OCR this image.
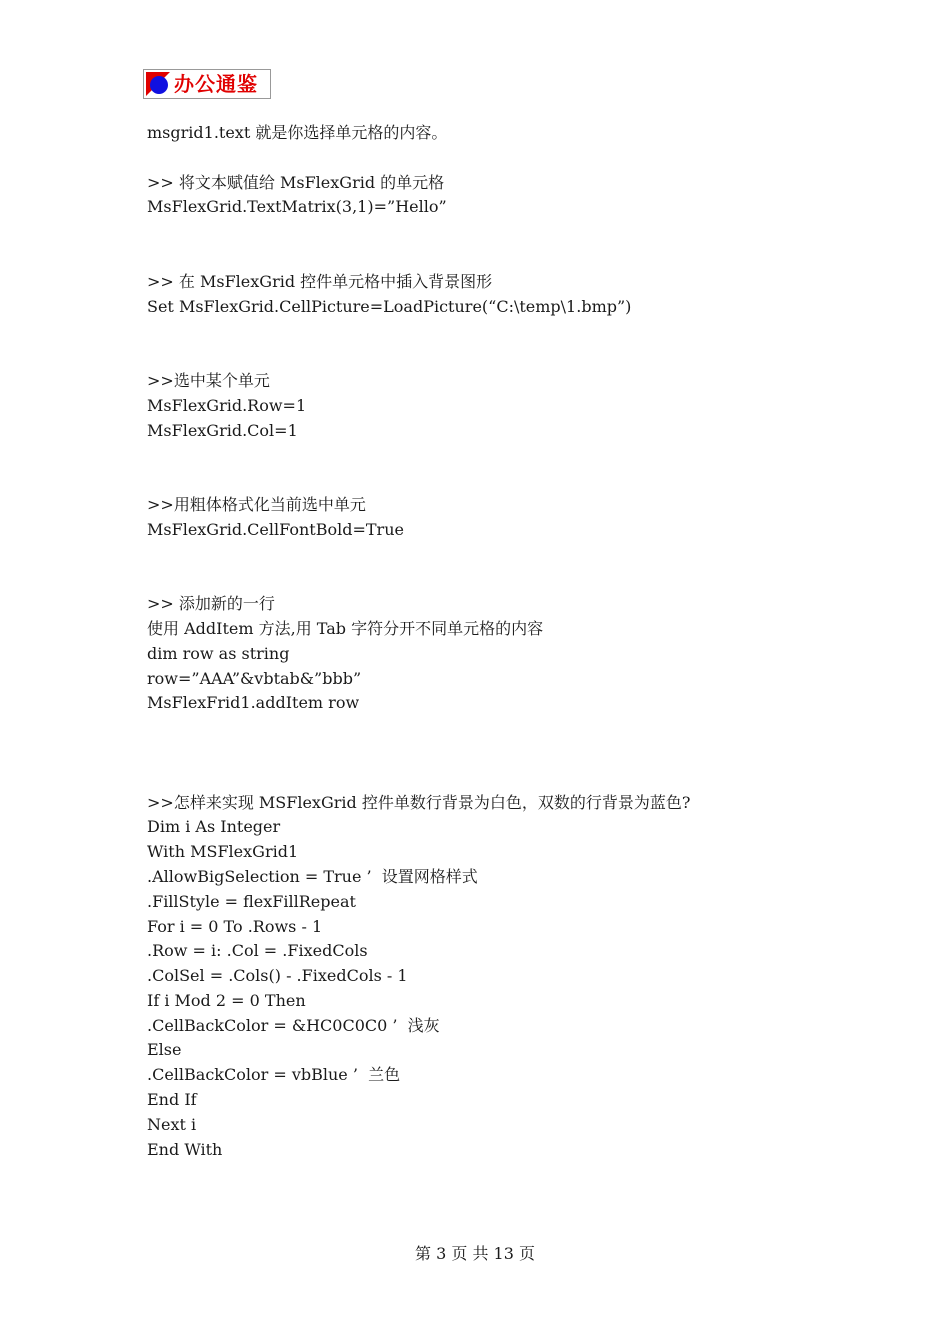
办公通鉴
msgrid1.text 就是你选择单元格的内容。
>> 将文本赋值给 MsFlexGrid 的单元格
MsFlexGrid.TextMatrix(3,1)=”Hello”
>> 在 MsFlexGrid 控件单元格中插入背景图形
Set MsFlexGrid.CellPicture=LoadPicture(“C:\temp\1.bmp”)
>>选中某个单元
MsFlexGrid.Row=1
MsFlexGrid.Col=1
>>用粗体格式化当前选中单元
MsFlexGrid.CellFontBold=True
>> 添加新的一行
使用 AddItem 方法,用 Tab 字符分开不同单元格的内容
dim row as string
row=”AAA”&vbtab&”bbb”
MsFlexFrid1.addItem row
>>怎样来实现 MSFlexGrid 控件单数行背景为白色，双数的行背景为蓝色?
Dim i As Integer
With MSFlexGrid1
.AllowBigSelection = True ’  设置网格样式
.FillStyle = flexFillRepeat
For i = 0 To .Rows - 1
.Row = i: .Col = .FixedCols
.ColSel = .Cols() - .FixedCols - 1
If i Mod 2 = 0 Then
.CellBackColor = &HC0C0C0 ’  浅灰
Else
.CellBackColor = vbBlue ’  兰色
End If
Next i
End With
第 3 页 共 13 页
